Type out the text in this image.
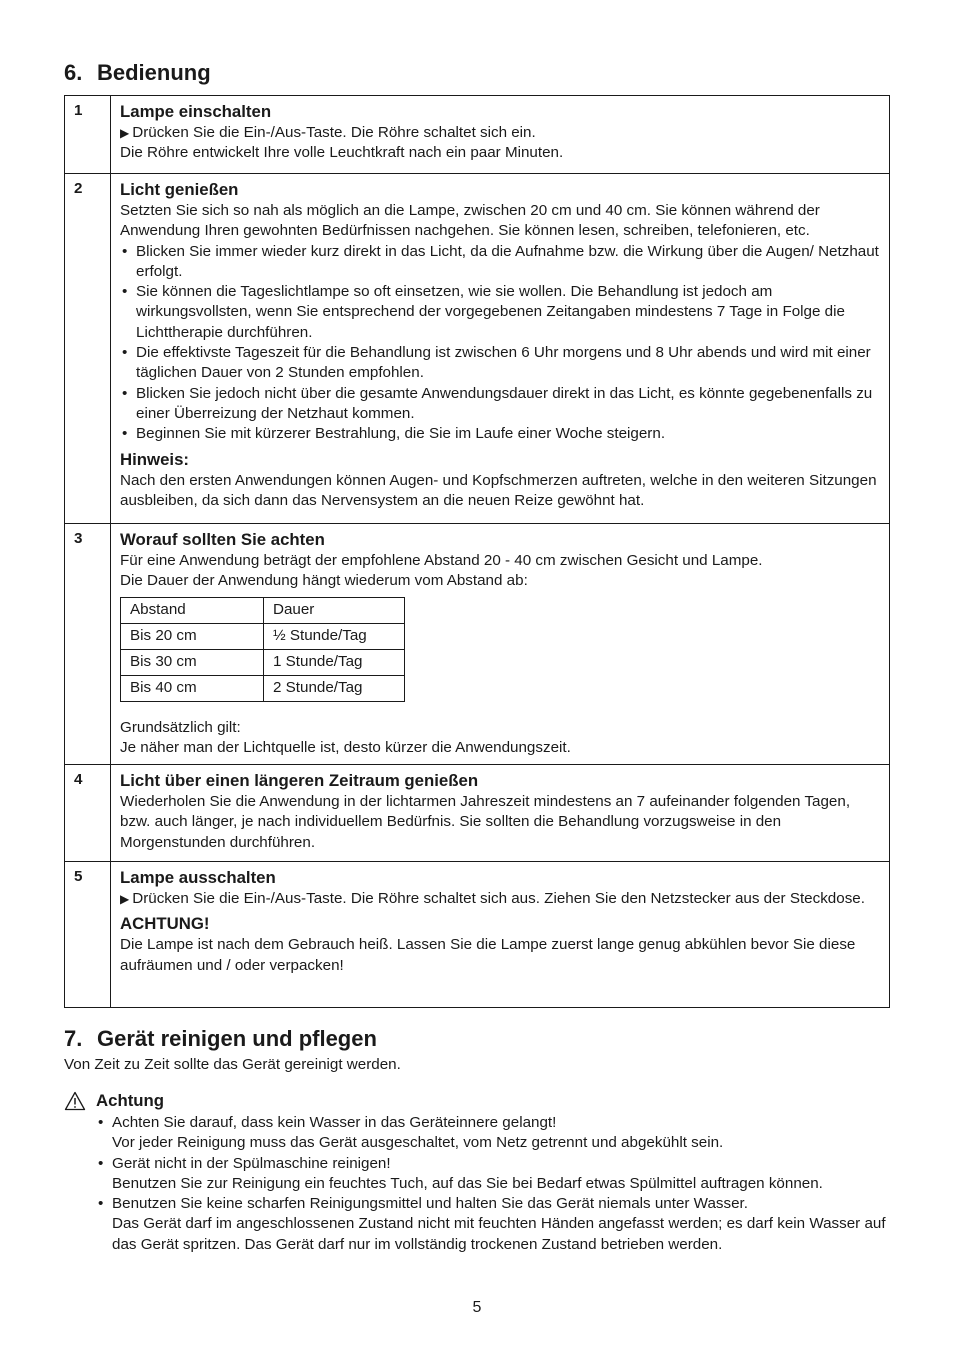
6. Bedienung
1	Lampe einschalten

▶ Drücken Sie die Ein-/Aus-Taste. Die Röhre schaltet sich ein.

Die Röhre entwickelt Ihre volle Leuchtkraft nach ein paar Minuten.

2	Licht genießen

Setzten Sie sich so nah als möglich an die Lampe, zwischen 20 cm und 40 cm. Sie können während der Anwendung Ihren gewohnten Bedürfnissen nachgehen. Sie können lesen, schreiben, telefonieren, etc.

• Blicken Sie immer wieder kurz direkt in das Licht, da die Aufnahme bzw. die Wirkung über die Augen/ Netzhaut erfolgt.
• Sie können die Tageslichtlampe so oft einsetzen, wie sie wollen. Die Behandlung ist jedoch am wirkungsvollsten, wenn Sie entsprechend der vorgegebenen Zeitangaben mindestens 7 Tage in Folge die Lichttherapie durchführen.
• Die effektivste Tageszeit für die Behandlung ist zwischen 6 Uhr morgens und 8 Uhr abends und wird mit einer täglichen Dauer von 2 Stunden empfohlen.
• Blicken Sie jedoch nicht über die gesamte Anwendungsdauer direkt in das Licht, es könnte gegebenenfalls zu einer Überreizung der Netzhaut kommen.
• Beginnen Sie mit kürzerer Bestrahlung, die Sie im Laufe einer Woche steigern.
Hinweis:

Nach den ersten Anwendungen können Augen- und Kopfschmerzen auftreten, welche in den weiteren Sitzungen ausbleiben, da sich dann das Nervensystem an die neuen Reize gewöhnt hat.

3	Worauf sollten Sie achten

Für eine Anwendung beträgt der empfohlene Abstand 20 - 40 cm zwischen Gesicht und Lampe.

Die Dauer der Anwendung hängt wiederum vom Abstand ab:

Abstand	Dauer
Bis 20 cm	½ Stunde/Tag
Bis 30 cm	1 Stunde/Tag
Bis 40 cm	2 Stunde/Tag

Grundsätzlich gilt:

Je näher man der Lichtquelle ist, desto kürzer die Anwendungszeit.

4	Licht über einen längeren Zeitraum genießen

Wiederholen Sie die Anwendung in der lichtarmen Jahreszeit mindestens an 7 aufeinander folgenden Tagen, bzw. auch länger, je nach individuellem Bedürfnis. Sie sollten die Behandlung vorzugsweise in den Morgenstunden durchführen.

5	Lampe ausschalten

▶ Drücken Sie die Ein-/Aus-Taste. Die Röhre schaltet sich aus. Ziehen Sie den Netzstecker aus der Steckdose.

ACHTUNG!

Die Lampe ist nach dem Gebrauch heiß. Lassen Sie die Lampe zuerst lange genug abkühlen bevor Sie diese aufräumen und / oder verpacken!

7. Gerät reinigen und pflegen

Von Zeit zu Zeit sollte das Gerät gereinigt werden.

Achtung
• Achten Sie darauf, dass kein Wasser in das Geräteinnere gelangt!
Vor jeder Reinigung muss das Gerät ausgeschaltet, vom Netz getrennt und abgekühlt sein.
• Gerät nicht in der Spülmaschine reinigen!
Benutzen Sie zur Reinigung ein feuchtes Tuch, auf das Sie bei Bedarf etwas Spülmittel auftragen können.
• Benutzen Sie keine scharfen Reinigungsmittel und halten Sie das Gerät niemals unter Wasser.
Das Gerät darf im angeschlossenen Zustand nicht mit feuchten Händen angefasst werden; es darf kein Wasser auf das Gerät spritzen. Das Gerät darf nur im vollständig trockenen Zustand betrieben werden.
5
